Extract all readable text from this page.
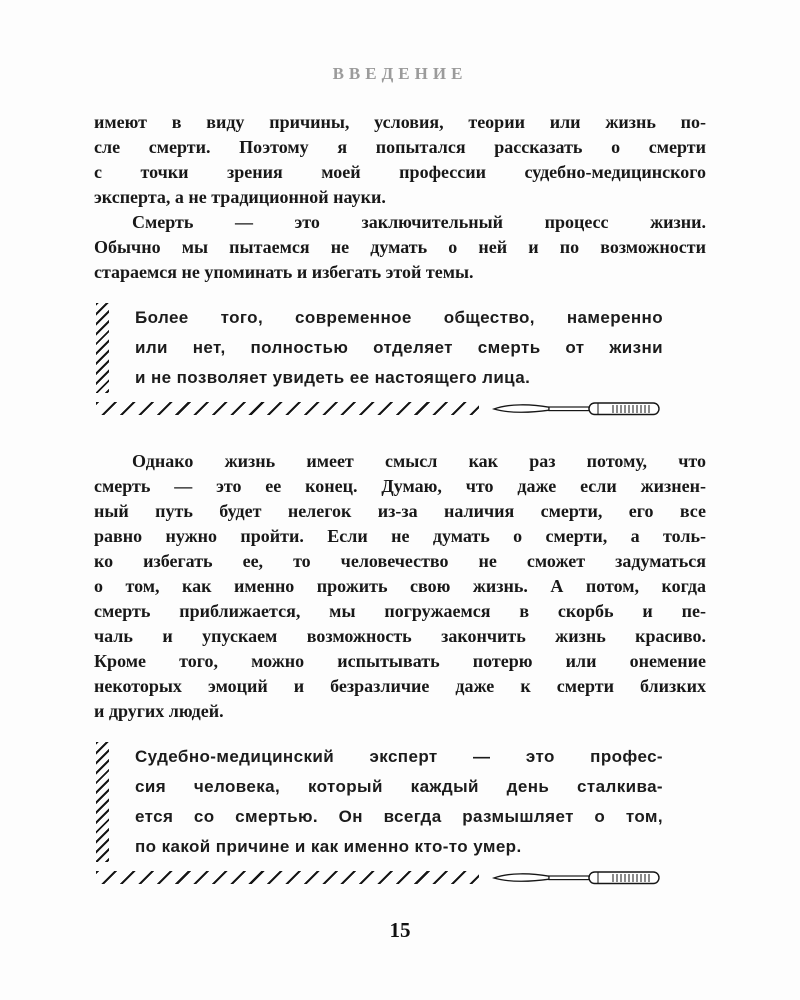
ВВЕДЕНИЕ
имеют в виду причины, условия, теории или жизнь по-
сле смерти. Поэтому я попытался рассказать о смерти
с точки зрения моей профессии судебно-медицинского
эксперта, а не традиционной науки.
Смерть — это заключительный процесс жизни.
Обычно мы пытаемся не думать о ней и по возможности
стараемся не упоминать и избегать этой темы.
Более того, современное общество, намеренно
или нет, полностью отделяет смерть от жизни
и не позволяет увидеть ее настоящего лица.
Однако жизнь имеет смысл как раз потому, что
смерть — это ее конец. Думаю, что даже если жизнен-
ный путь будет нелегок из-за наличия смерти, его все
равно нужно пройти. Если не думать о смерти, а толь-
ко избегать ее, то человечество не сможет задуматься
о том, как именно прожить свою жизнь. А потом, когда
смерть приближается, мы погружаемся в скорбь и пе-
чаль и упускаем возможность закончить жизнь красиво.
Кроме того, можно испытывать потерю или онемение
некоторых эмоций и безразличие даже к смерти близких
и других людей.
Судебно-медицинский эксперт — это профес-
сия человека, который каждый день сталкива-
ется со смертью. Он всегда размышляет о том,
по какой причине и как именно кто-то умер.
15
